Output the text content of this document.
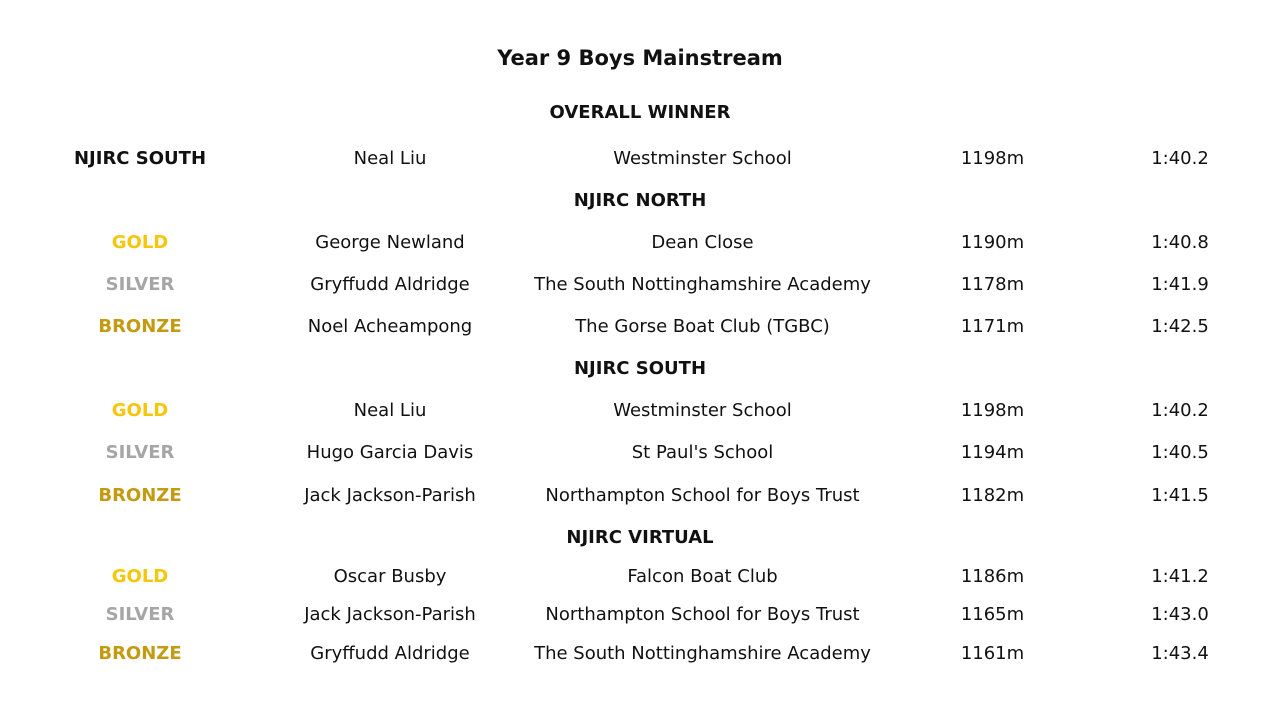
Year 9 Boys Mainstream
OVERALL WINNER
NJIRC SOUTH	Neal Liu	Westminster School	1198m	1:40.2
NJIRC NORTH
GOLD	George Newland	Dean Close	1190m	1:40.8
SILVER	Gryffudd Aldridge	The South Nottinghamshire Academy	1178m	1:41.9
BRONZE	Noel Acheampong	The Gorse Boat Club (TGBC)	1171m	1:42.5
NJIRC SOUTH
GOLD	Neal Liu	Westminster School	1198m	1:40.2
SILVER	Hugo Garcia Davis	St Paul's School	1194m	1:40.5
BRONZE	Jack Jackson-Parish	Northampton School for Boys Trust	1182m	1:41.5
NJIRC VIRTUAL
GOLD	Oscar Busby	Falcon Boat Club	1186m	1:41.2
SILVER	Jack Jackson-Parish	Northampton School for Boys Trust	1165m	1:43.0
BRONZE	Gryffudd Aldridge	The South Nottinghamshire Academy	1161m	1:43.4
